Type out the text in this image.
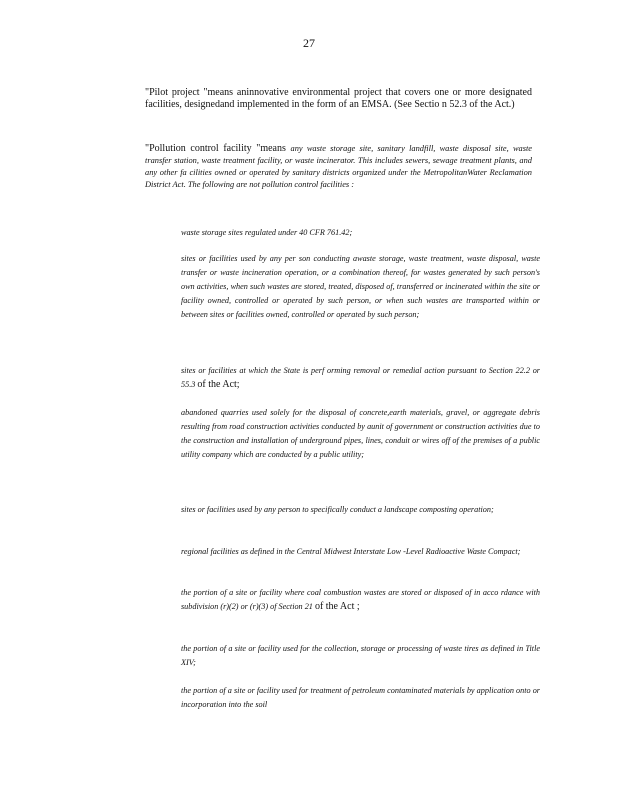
27

"Pilot project "means aninnovative environmental project that covers one or more designated facilities, designedand implemented in the form of an EMSA. (See Sectio n 52.3 of the Act.)

"Pollution control facility "means any waste storage site, sanitary landfill, waste disposal site, waste transfer station, waste treatment facility, or waste incinerator. This includes sewers, sewage treatment plants, and any other fa cilities owned or operated by sanitary districts organized under the MetropolitanWater Reclamation District Act. The following are not pollution control facilities :

waste storage sites regulated under 40 CFR 761.42;

sites or facilities used by any per son conducting awaste storage, waste treatment, waste disposal, waste transfer or waste incineration operation, or a combination thereof, for wastes generated by such person's own activities, when such wastes are stored, treated, disposed of, transferred or incinerated within the site or facility owned, controlled or operated by such person, or when such wastes are transported within or between sites or facilities owned, controlled or operated by such person;

sites or facilities at which the State is perf orming removal or remedial action pursuant to Section 22.2 or 55.3 of the Act;

abandoned quarries used solely for the disposal of concrete,earth materials, gravel, or aggregate debris resulting from road construction activities conducted by aunit of government or construction activities due to the construction and installation of underground pipes, lines, conduit or wires off of the premises of a public utility company which are conducted by a public utility;

sites or facilities used by any person to specifically conduct a landscape composting operation;

regional facilities as defined in the Central Midwest Interstate Low -Level Radioactive Waste Compact;

the portion of a site or facility where coal combustion wastes are stored or disposed of in acco rdance with subdivision (r)(2) or (r)(3) of Section 21 of the Act ;

the portion of a site or facility used for the collection, storage or processing of waste tires as defined in Title XIV;

the portion of a site or facility used for treatment of petroleum contaminated materials by application onto or incorporation into the soil
